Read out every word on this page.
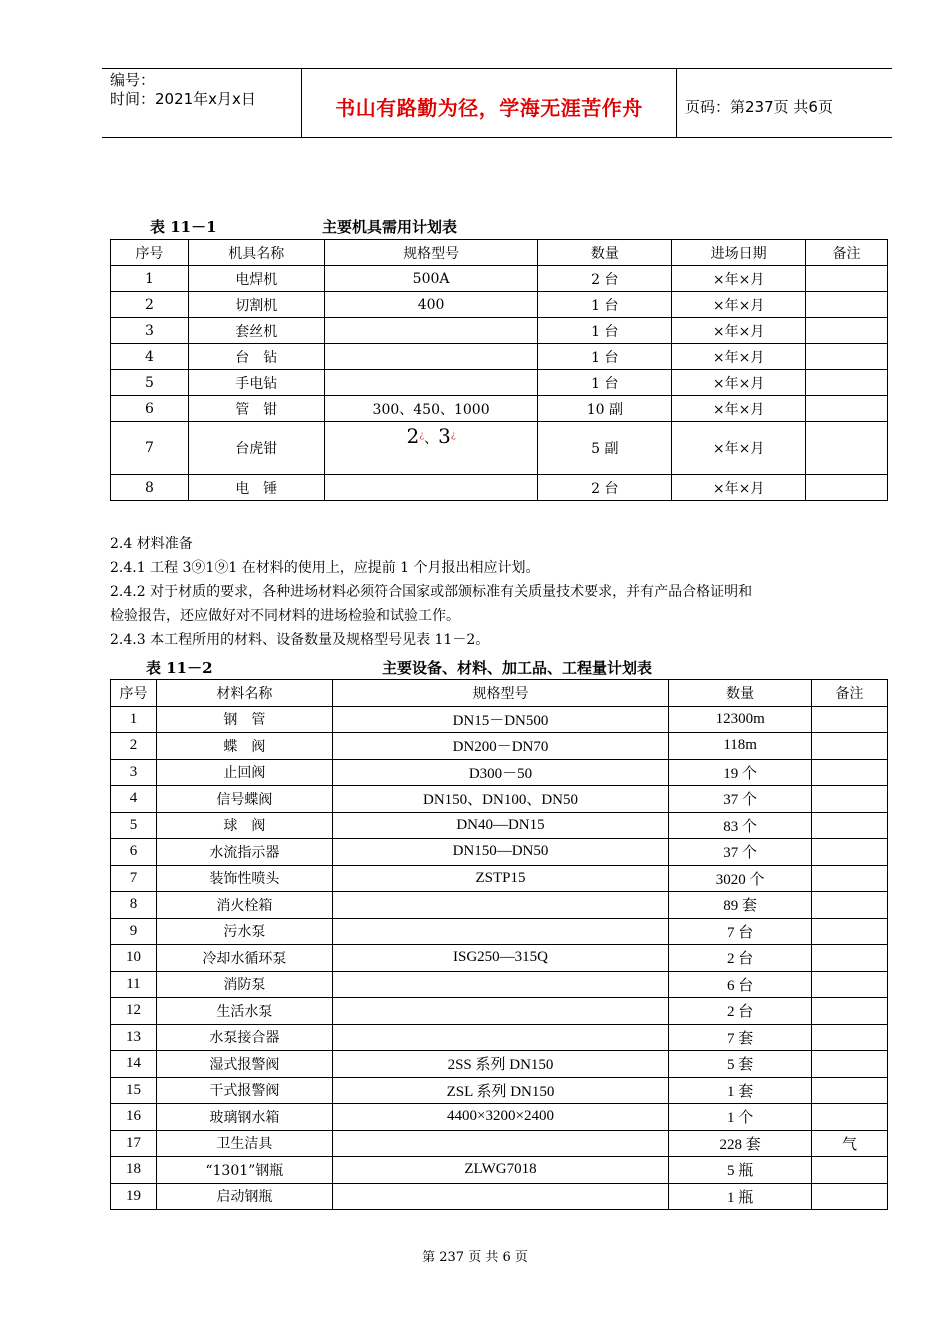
编号：
时间：2021年x月x日	书山有路勤为径，学海无涯苦作舟	页码：第237页 共6页
表 11－1	主要机具需用计划表
序号	机具名称	规格型号	数量	进场日期	备注
1	电焊机	500A	2 台	×年×月	
2	切割机	400	1 台	×年×月	
3	套丝机		1 台	×年×月	
4	台　钻		1 台	×年×月	
5	手电钻		1 台	×年×月	
6	管　钳	300、450、1000	10 副	×年×月	
7	台虎钳	2¿、3¿	5 副	×年×月	
8	电　锤		2 台	×年×月	
2.4 材料准备
2.4.1 工程 3⑨1⑨1 在材料的使用上，应提前 1 个月报出相应计划。
2.4.2 对于材质的要求，各种进场材料必须符合国家或部颁标准有关质量技术要求，并有产品合格证明和
检验报告，还应做好对不同材料的进场检验和试验工作。
2.4.3 本工程所用的材料、设备数量及规格型号见表 11－2。
表 11－2	主要设备、材料、加工品、工程量计划表
序号	材料名称	规格型号	数量	备注
1	钢　管	DN15－DN500	12300m	
2	蝶　阀	DN200－DN70	118m	
3	止回阀	D300－50	19 个	
4	信号蝶阀	DN150、DN100、DN50	37 个	
5	球　阀	DN40—DN15	83 个	
6	水流指示器	DN150—DN50	37 个	
7	装饰性喷头	ZSTP15	3020 个	
8	消火栓箱		89 套	
9	污水泵		7 台	
10	冷却水循环泵	ISG250—315Q	2 台	
11	消防泵		6 台	
12	生活水泵		2 台	
13	水泵接合器		7 套	
14	湿式报警阀	2SS 系列 DN150	5 套	
15	干式报警阀	ZSL 系列 DN150	1 套	
16	玻璃钢水箱	4400×3200×2400	1 个	
17	卫生洁具		228 套	气
18	“1301”钢瓶	ZLWG7018	5 瓶	
19	启动钢瓶		1 瓶	
第 237 页 共 6 页
